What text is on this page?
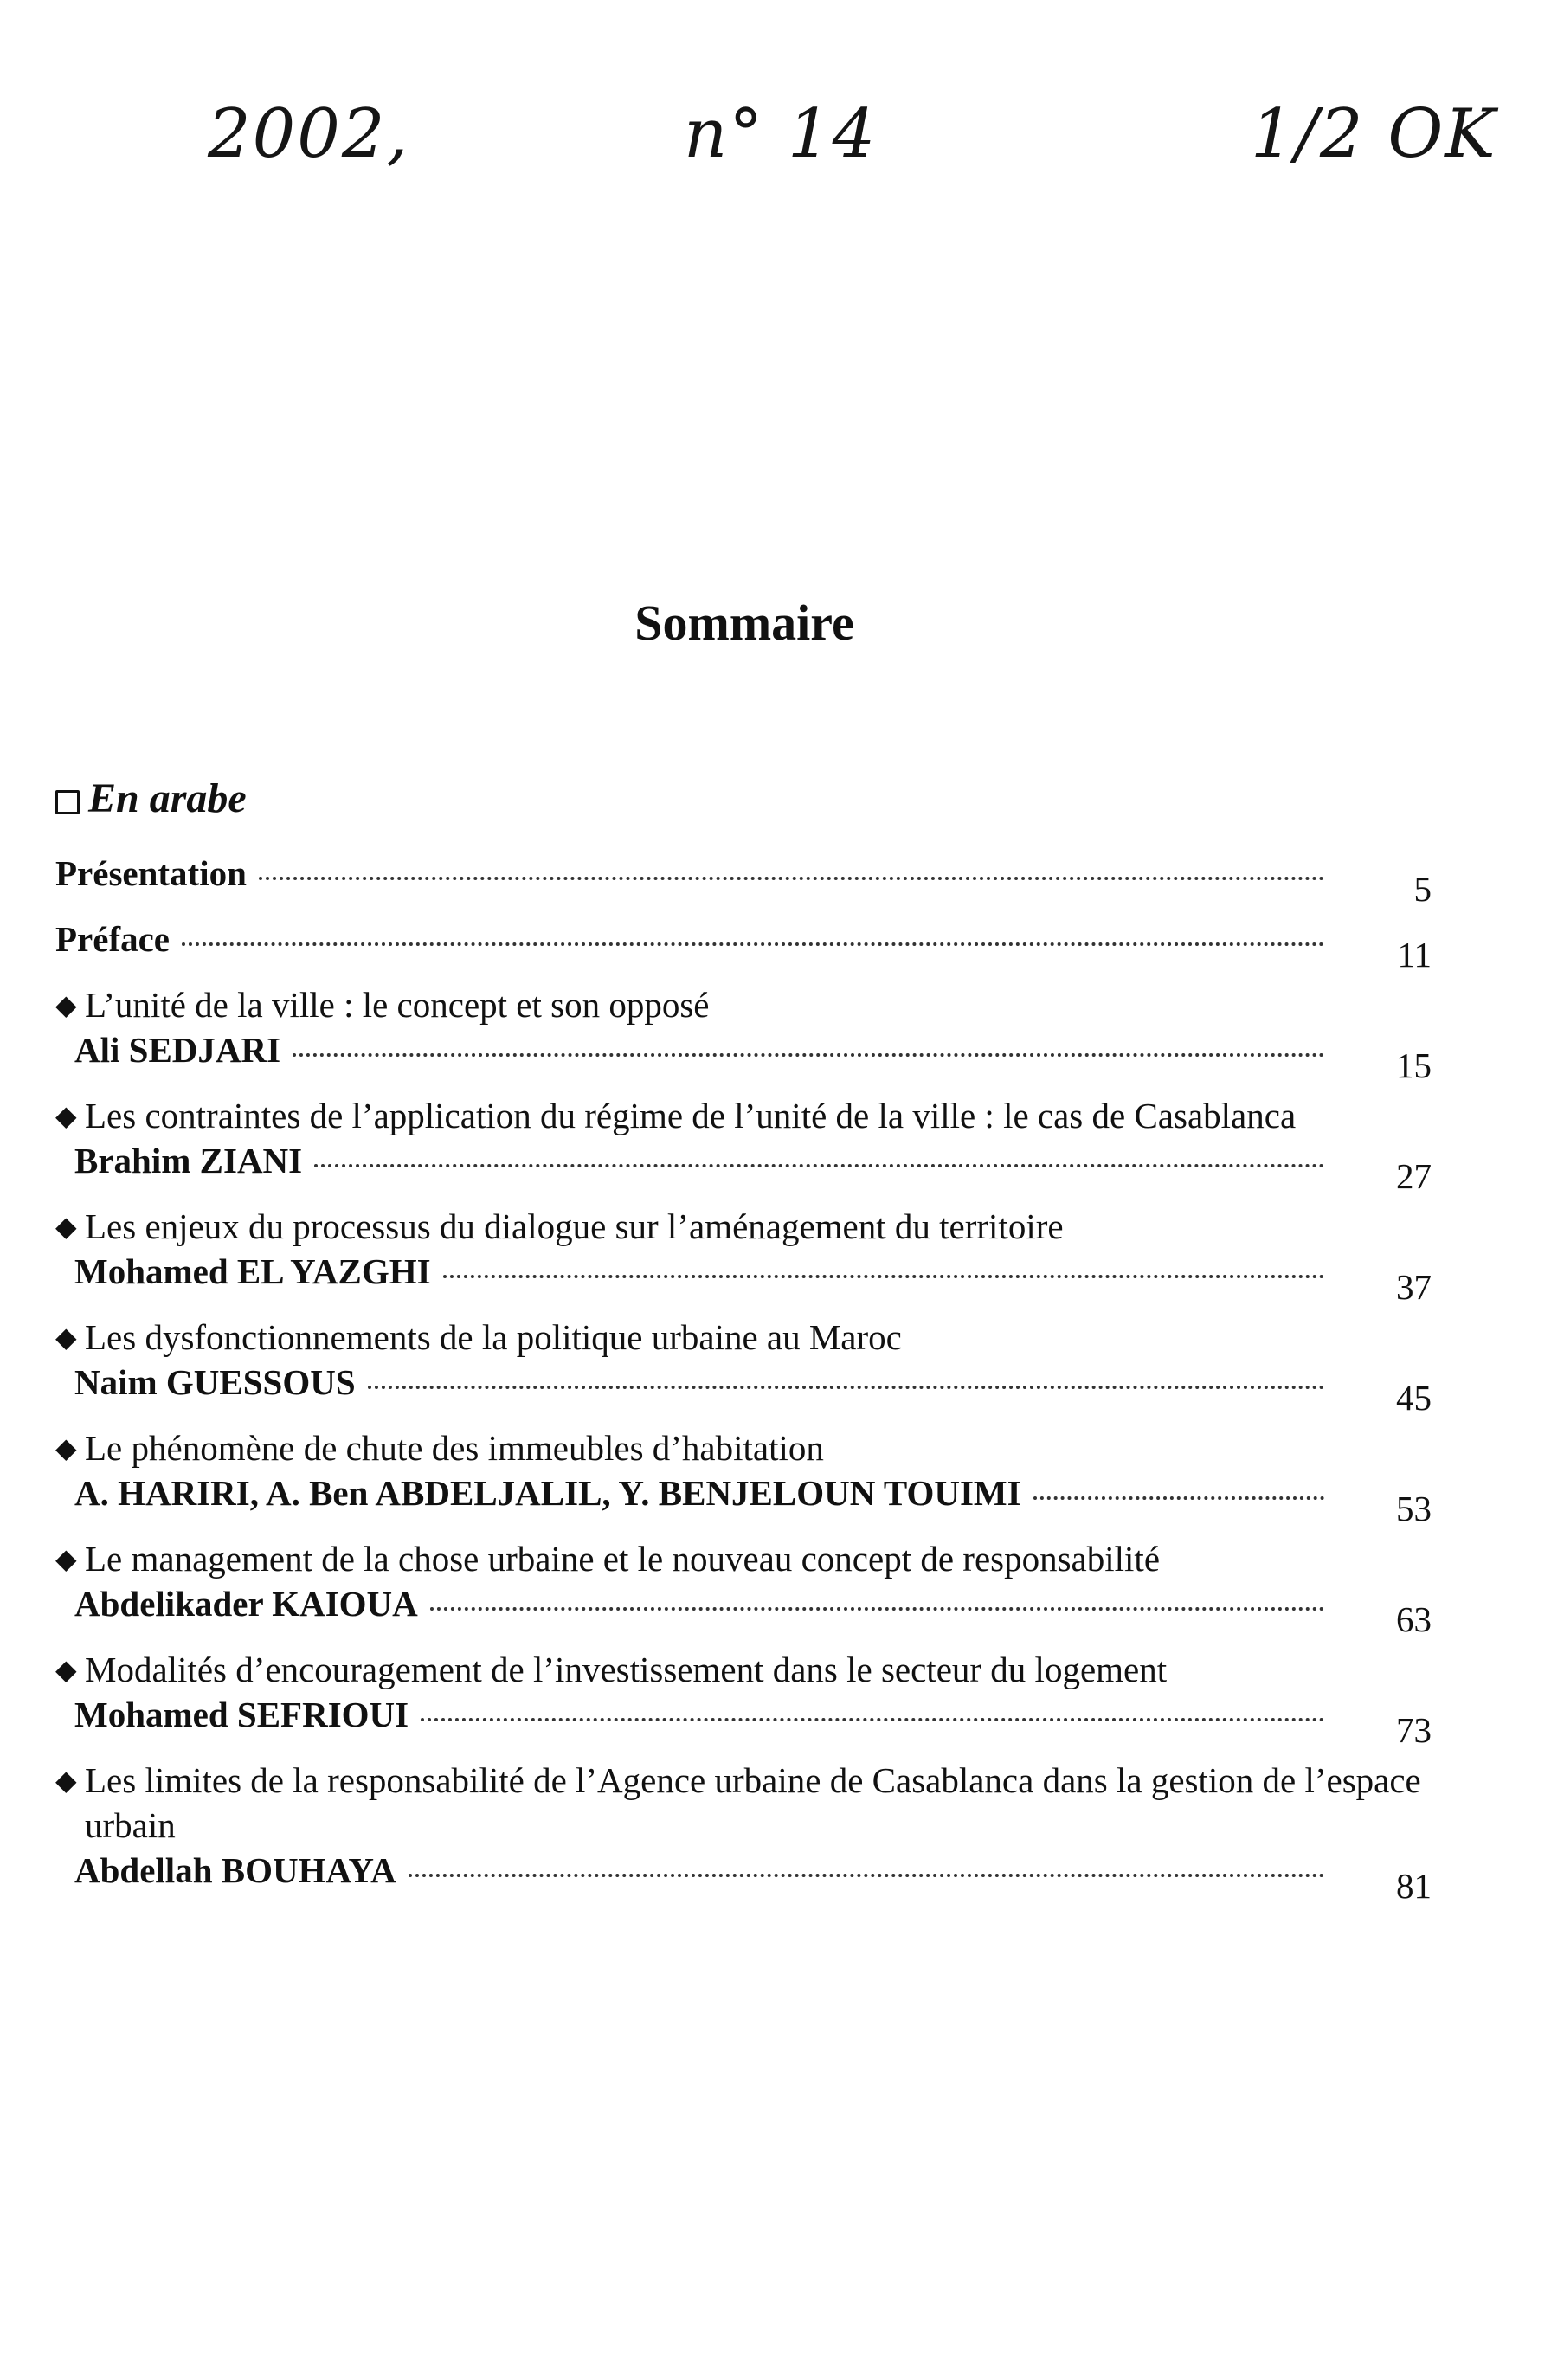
2002,	n° 14	1/2 OK
Sommaire
En arabe
Présentation	5
Préface	11
◆ L’unité de la ville : le concept et son opposé
Ali SEDJARI	15
◆ Les contraintes de l’application du régime de l’unité de la ville : le cas de Casablanca
Brahim ZIANI	27
◆ Les enjeux du processus du dialogue sur l’aménagement du territoire
Mohamed EL YAZGHI	37
◆ Les dysfonctionnements de la politique urbaine au Maroc
Naim GUESSOUS	45
◆ Le phénomène de chute des immeubles d’habitation
A. HARIRI, A. Ben ABDELJALIL, Y. BENJELOUN TOUIMI	53
◆ Le management de la chose urbaine et le nouveau concept de responsabilité
Abdelikader KAIOUA	63
◆ Modalités d’encouragement de l’investissement dans le secteur du logement
Mohamed SEFRIOUI	73
◆ Les limites de la responsabilité de l’Agence urbaine de Casablanca dans la gestion de l’espace urbain
Abdellah BOUHAYA	81
